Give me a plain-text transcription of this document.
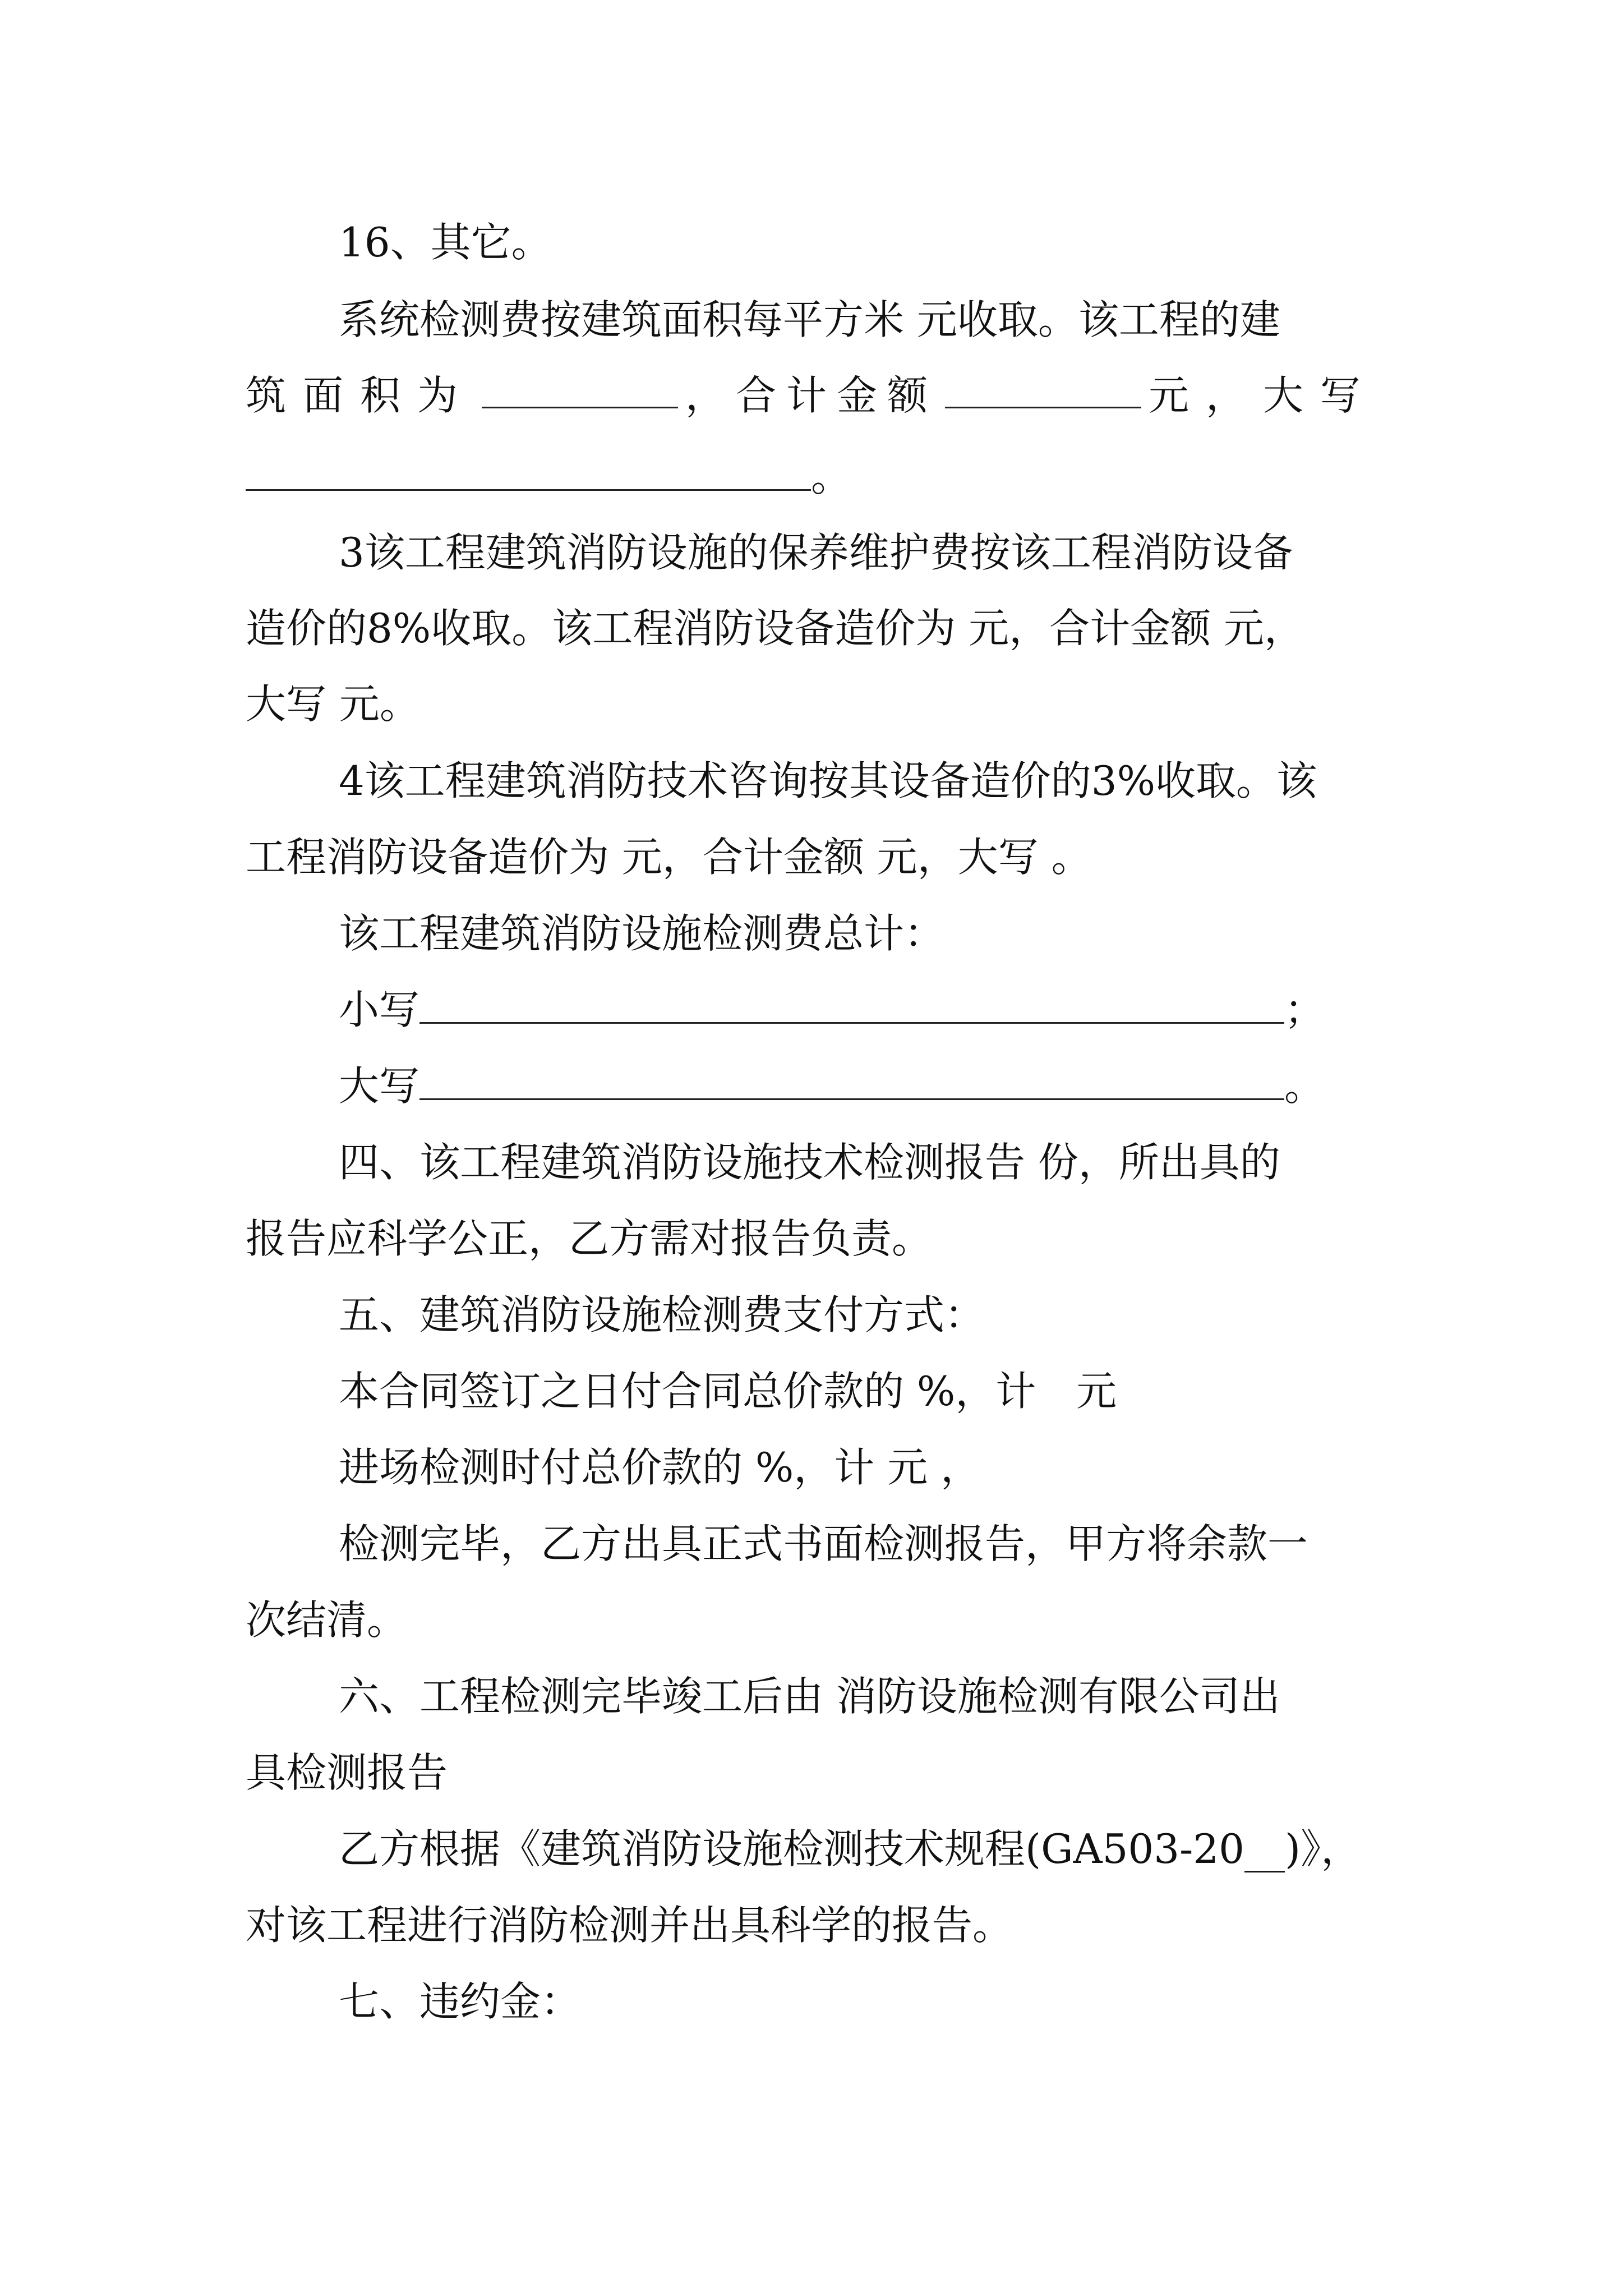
16、其它。
系统检测费按建筑面积每平方米 元收取。该工程的建
筑面积为	，合计金额	元，大写
。
3该工程建筑消防设施的保养维护费按该工程消防设备
造价的8%收取。该工程消防设备造价为 元，合计金额 元，
大写 元。
4该工程建筑消防技术咨询按其设备造价的3%收取。该
工程消防设备造价为 元，合计金额 元，大写 。
该工程建筑消防设施检测费总计：
小写	；
大写	。
四、该工程建筑消防设施技术检测报告 份，所出具的
报告应科学公正，乙方需对报告负责。
五、建筑消防设施检测费支付方式：
本合同签订之日付合同总价款的 %，计　元
进场检测时付总价款的 %，计 元 ，
检测完毕，乙方出具正式书面检测报告，甲方将余款一
次结清。
六、工程检测完毕竣工后由 消防设施检测有限公司出
具检测报告
乙方根据《建筑消防设施检测技术规程(GA503-20__)》，
对该工程进行消防检测并出具科学的报告。
七、违约金：
